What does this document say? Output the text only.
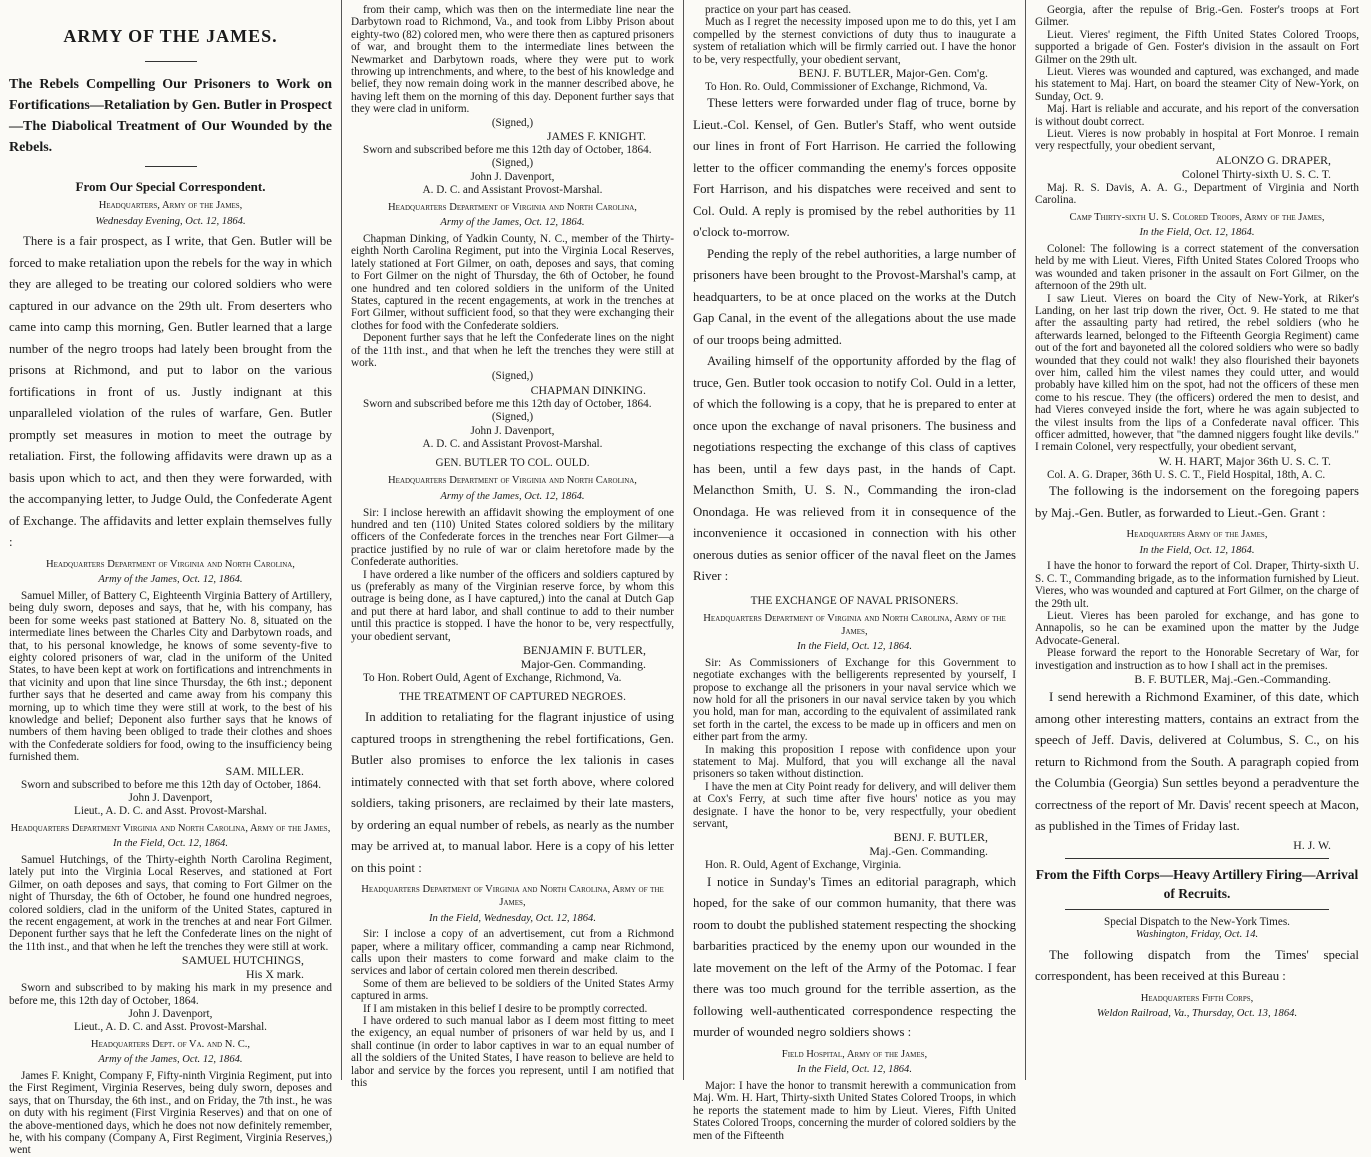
ARMY OF THE JAMES.

The Rebels Compelling Our Prisoners to Work on Fortifications—Retaliation by Gen. Butler in Prospect—The Diabolical Treatment of Our Wounded by the Rebels.

From Our Special Correspondent.
Headquarters, Army of the James,
Wednesday Evening, Oct. 12, 1864.

There is a fair prospect, as I write, that Gen. Butler will be forced to make retaliation upon the rebels for the way in which they are alleged to be treating our colored soldiers who were captured in our advance on the 29th ult. From deserters who came into camp this morning, Gen. Butler learned that a large number of the negro troops had lately been brought from the prisons at Richmond, and put to labor on the various fortifications in front of us. Justly indignant at this unparalleled violation of the rules of warfare, Gen. Butler promptly set measures in motion to meet the outrage by retaliation. First, the following affidavits were drawn up as a basis upon which to act, and then they were forwarded, with the accompanying letter, to Judge Ould, the Confederate Agent of Exchange. The affidavits and letter explain themselves fully :

Headquarters Department of Virginia and North Carolina,
Army of the James, Oct. 12, 1864.

Samuel Miller, of Battery C, Eighteenth Virginia Battery of Artillery, being duly sworn, deposes and says, that he, with his company, has been for some weeks past stationed at Battery No. 8, situated on the intermediate lines between the Charles City and Darbytown roads, and that, to his personal knowledge, he knows of some seventy-five to eighty colored prisoners of war, clad in the uniform of the United States, to have been kept at work on fortifications and intrenchments in that vicinity and upon that line since Thursday, the 6th inst.; deponent further says that he deserted and came away from his company this morning, up to which time they were still at work, to the best of his knowledge and belief; Deponent also further says that he knows of numbers of them having been obliged to trade their clothes and shoes with the Confederate soldiers for food, owing to the insufficiency being furnished them.

SAM. MILLER.

Sworn and subscribed to before me this 12th day of October, 1864.

John J. Davenport,
Lieut., A. D. C. and Asst. Provost-Marshal.
Headquarters Department Virginia and North Carolina, Army of the James,
In the Field, Oct. 12, 1864.

Samuel Hutchings, of the Thirty-eighth North Carolina Regiment, lately put into the Virginia Local Reserves, and stationed at Fort Gilmer, on oath deposes and says, that coming to Fort Gilmer on the night of Thursday, the 6th of October, he found one hundred negroes, colored soldiers, clad in the uniform of the United States, captured in the recent engagement, at work in the trenches at and near Fort Gilmer. Deponent further says that he left the Confederate lines on the night of the 11th inst., and that when he left the trenches they were still at work.

SAMUEL HUTCHINGS,
His X mark.

Sworn and subscribed to by making his mark in my presence and before me, this 12th day of October, 1864.

John J. Davenport,
Lieut., A. D. C. and Asst. Provost-Marshal.
Headquarters Dept. of Va. and N. C.,
Army of the James, Oct. 12, 1864.

James F. Knight, Company F, Fifty-ninth Virginia Regiment, put into the First Regiment, Virginia Reserves, being duly sworn, deposes and says, that on Thursday, the 6th inst., and on Friday, the 7th inst., he was on duty with his regiment (First Virginia Reserves) and that on one of the above-mentioned days, which he does not now definitely remember, he, with his company (Company A, First Regiment, Virginia Reserves,) went

from their camp, which was then on the intermediate line near the Darbytown road to Richmond, Va., and took from Libby Prison about eighty-two (82) colored men, who were there then as captured prisoners of war, and brought them to the intermediate lines between the Newmarket and Darbytown roads, where they were put to work throwing up intrenchments, and where, to the best of his knowledge and belief, they now remain doing work in the manner described above, he having left them on the morning of this day. Deponent further says that they were clad in uniform.

(Signed,)
JAMES F. KNIGHT.

Sworn and subscribed before me this 12th day of October, 1864.

(Signed,)
John J. Davenport,
A. D. C. and Assistant Provost-Marshal.
Headquarters Department of Virginia and North Carolina,
Army of the James, Oct. 12, 1864.

Chapman Dinking, of Yadkin County, N. C., member of the Thirty-eighth North Carolina Regiment, put into the Virginia Local Reserves, lately stationed at Fort Gilmer, on oath, deposes and says, that coming to Fort Gilmer on the night of Thursday, the 6th of October, he found one hundred and ten colored soldiers in the uniform of the United States, captured in the recent engagements, at work in the trenches at Fort Gilmer, without sufficient food, so that they were exchanging their clothes for food with the Confederate soldiers.

Deponent further says that he left the Confederate lines on the night of the 11th inst., and that when he left the trenches they were still at work.

(Signed,)
CHAPMAN DINKING.

Sworn and subscribed before me this 12th day of October, 1864.

(Signed,)
John J. Davenport,
A. D. C. and Assistant Provost-Marshal.
GEN. BUTLER TO COL. OULD.
Headquarters Department of Virginia and North Carolina,
Army of the James, Oct. 12, 1864.

Sir: I inclose herewith an affidavit showing the employment of one hundred and ten (110) United States colored soldiers by the military officers of the Confederate forces in the trenches near Fort Gilmer—a practice justified by no rule of war or claim heretofore made by the Confederate authorities.

I have ordered a like number of the officers and soldiers captured by us (preferably as many of the Virginian reserve force, by whom this outrage is being done, as I have captured,) into the canal at Dutch Gap and put there at hard labor, and shall continue to add to their number until this practice is stopped. I have the honor to be, very respectfully, your obedient servant,

BENJAMIN F. BUTLER,
Major-Gen. Commanding.

To Hon. Robert Ould, Agent of Exchange, Richmond, Va.

THE TREATMENT OF CAPTURED NEGROES.

In addition to retaliating for the flagrant injustice of using captured troops in strengthening the rebel fortifications, Gen. Butler also promises to enforce the lex talionis in cases intimately connected with that set forth above, where colored soldiers, taking prisoners, are reclaimed by their late masters, by ordering an equal number of rebels, as nearly as the number may be arrived at, to manual labor. Here is a copy of his letter on this point :

Headquarters Department of Virginia and North Carolina, Army of the James,
In the Field, Wednesday, Oct. 12, 1864.

Sir: I inclose a copy of an advertisement, cut from a Richmond paper, where a military officer, commanding a camp near Richmond, calls upon their masters to come forward and make claim to the services and labor of certain colored men therein described.

Some of them are believed to be soldiers of the United States Army captured in arms.

If I am mistaken in this belief I desire to be promptly corrected.

I have ordered to such manual labor as I deem most fitting to meet the exigency, an equal number of prisoners of war held by us, and I shall continue (in order to labor captives in war to an equal number of all the soldiers of the United States, I have reason to believe are held to labor and service by the forces you represent, until I am notified that this

practice on your part has ceased.

Much as I regret the necessity imposed upon me to do this, yet I am compelled by the sternest convictions of duty thus to inaugurate a system of retaliation which will be firmly carried out. I have the honor to be, very respectfully, your obedient servant,

BENJ. F. BUTLER, Major-Gen. Com'g.

To Hon. Ro. Ould, Commissioner of Exchange, Richmond, Va.

These letters were forwarded under flag of truce, borne by Lieut.-Col. Kensel, of Gen. Butler's Staff, who went outside our lines in front of Fort Harrison. He carried the following letter to the officer commanding the enemy's forces opposite Fort Harrison, and his dispatches were received and sent to Col. Ould. A reply is promised by the rebel authorities by 11 o'clock to-morrow.

Pending the reply of the rebel authorities, a large number of prisoners have been brought to the Provost-Marshal's camp, at headquarters, to be at once placed on the works at the Dutch Gap Canal, in the event of the allegations about the use made of our troops being admitted.

Availing himself of the opportunity afforded by the flag of truce, Gen. Butler took occasion to notify Col. Ould in a letter, of which the following is a copy, that he is prepared to enter at once upon the exchange of naval prisoners. The business and negotiations respecting the exchange of this class of captives has been, until a few days past, in the hands of Capt. Melancthon Smith, U. S. N., Commanding the iron-clad Onondaga. He was relieved from it in consequence of the inconvenience it occasioned in connection with his other onerous duties as senior officer of the naval fleet on the James River :

THE EXCHANGE OF NAVAL PRISONERS.
Headquarters Department of Virginia and North Carolina, Army of the James,
In the Field, Oct. 12, 1864.

Sir: As Commissioners of Exchange for this Government to negotiate exchanges with the belligerents represented by yourself, I propose to exchange all the prisoners in your naval service which we now hold for all the prisoners in our naval service taken by you which you hold, man for man, according to the equivalent of assimilated rank set forth in the cartel, the excess to be made up in officers and men on either part from the army.

In making this proposition I repose with confidence upon your statement to Maj. Mulford, that you will exchange all the naval prisoners so taken without distinction.

I have the men at City Point ready for delivery, and will deliver them at Cox's Ferry, at such time after five hours' notice as you may designate. I have the honor to be, very respectfully, your obedient servant,

BENJ. F. BUTLER,
Maj.-Gen. Commanding.

Hon. R. Ould, Agent of Exchange, Virginia.

I notice in Sunday's Times an editorial paragraph, which hoped, for the sake of our common humanity, that there was room to doubt the published statement respecting the shocking barbarities practiced by the enemy upon our wounded in the late movement on the left of the Army of the Potomac. I fear there was too much ground for the terrible assertion, as the following well-authenticated correspondence respecting the murder of wounded negro soldiers shows :

Field Hospital, Army of the James,
In the Field, Oct. 12, 1864.

Major: I have the honor to transmit herewith a communication from Maj. Wm. H. Hart, Thirty-sixth United States Colored Troops, in which he reports the statement made to him by Lieut. Vieres, Fifth United States Colored Troops, concerning the murder of colored soldiers by the men of the Fifteenth

Georgia, after the repulse of Brig.-Gen. Foster's troops at Fort Gilmer.

Lieut. Vieres' regiment, the Fifth United States Colored Troops, supported a brigade of Gen. Foster's division in the assault on Fort Gilmer on the 29th ult.

Lieut. Vieres was wounded and captured, was exchanged, and made his statement to Maj. Hart, on board the steamer City of New-York, on Sunday, Oct. 9.

Maj. Hart is reliable and accurate, and his report of the conversation is without doubt correct.

Lieut. Vieres is now probably in hospital at Fort Monroe. I remain very respectfully, your obedient servant,

ALONZO G. DRAPER,
Colonel Thirty-sixth U. S. C. T.

Maj. R. S. Davis, A. A. G., Department of Virginia and North Carolina.

Camp Thirty-sixth U. S. Colored Troops, Army of the James,
In the Field, Oct. 12, 1864.

Colonel: The following is a correct statement of the conversation held by me with Lieut. Vieres, Fifth United States Colored Troops who was wounded and taken prisoner in the assault on Fort Gilmer, on the afternoon of the 29th ult.

I saw Lieut. Vieres on board the City of New-York, at Riker's Landing, on her last trip down the river, Oct. 9. He stated to me that after the assaulting party had retired, the rebel soldiers (who he afterwards learned, belonged to the Fifteenth Georgia Regiment) came out of the fort and bayoneted all the colored soldiers who were so badly wounded that they could not walk! they also flourished their bayonets over him, called him the vilest names they could utter, and would probably have killed him on the spot, had not the officers of these men come to his rescue. They (the officers) ordered the men to desist, and had Vieres conveyed inside the fort, where he was again subjected to the vilest insults from the lips of a Confederate naval officer. This officer admitted, however, that "the damned niggers fought like devils." I remain Colonel, very respectfully, your obedient servant,

W. H. HART, Major 36th U. S. C. T.

Col. A. G. Draper, 36th U. S. C. T., Field Hospital, 18th, A. C.

The following is the indorsement on the foregoing papers by Maj.-Gen. Butler, as forwarded to Lieut.-Gen. Grant :

Headquarters Army of the James,
In the Field, Oct. 12, 1864.

I have the honor to forward the report of Col. Draper, Thirty-sixth U. S. C. T., Commanding brigade, as to the information furnished by Lieut. Vieres, who was wounded and captured at Fort Gilmer, on the charge of the 29th ult.

Lieut. Vieres has been paroled for exchange, and has gone to Annapolis, so he can be examined upon the matter by the Judge Advocate-General.

Please forward the report to the Honorable Secretary of War, for investigation and instruction as to how I shall act in the premises.

B. F. BUTLER, Maj.-Gen.-Commanding.

I send herewith a Richmond Examiner, of this date, which among other interesting matters, contains an extract from the speech of Jeff. Davis, delivered at Columbus, S. C., on his return to Richmond from the South. A paragraph copied from the Columbia (Georgia) Sun settles beyond a peradventure the correctness of the report of Mr. Davis' recent speech at Macon, as published in the Times of Friday last.

H. J. W.
From the Fifth Corps—Heavy Artillery Firing—Arrival of Recruits.
Special Dispatch to the New-York Times.
Washington, Friday, Oct. 14.

The following dispatch from the Times' special correspondent, has been received at this Bureau :

Headquarters Fifth Corps,
Weldon Railroad, Va., Thursday, Oct. 13, 1864.
